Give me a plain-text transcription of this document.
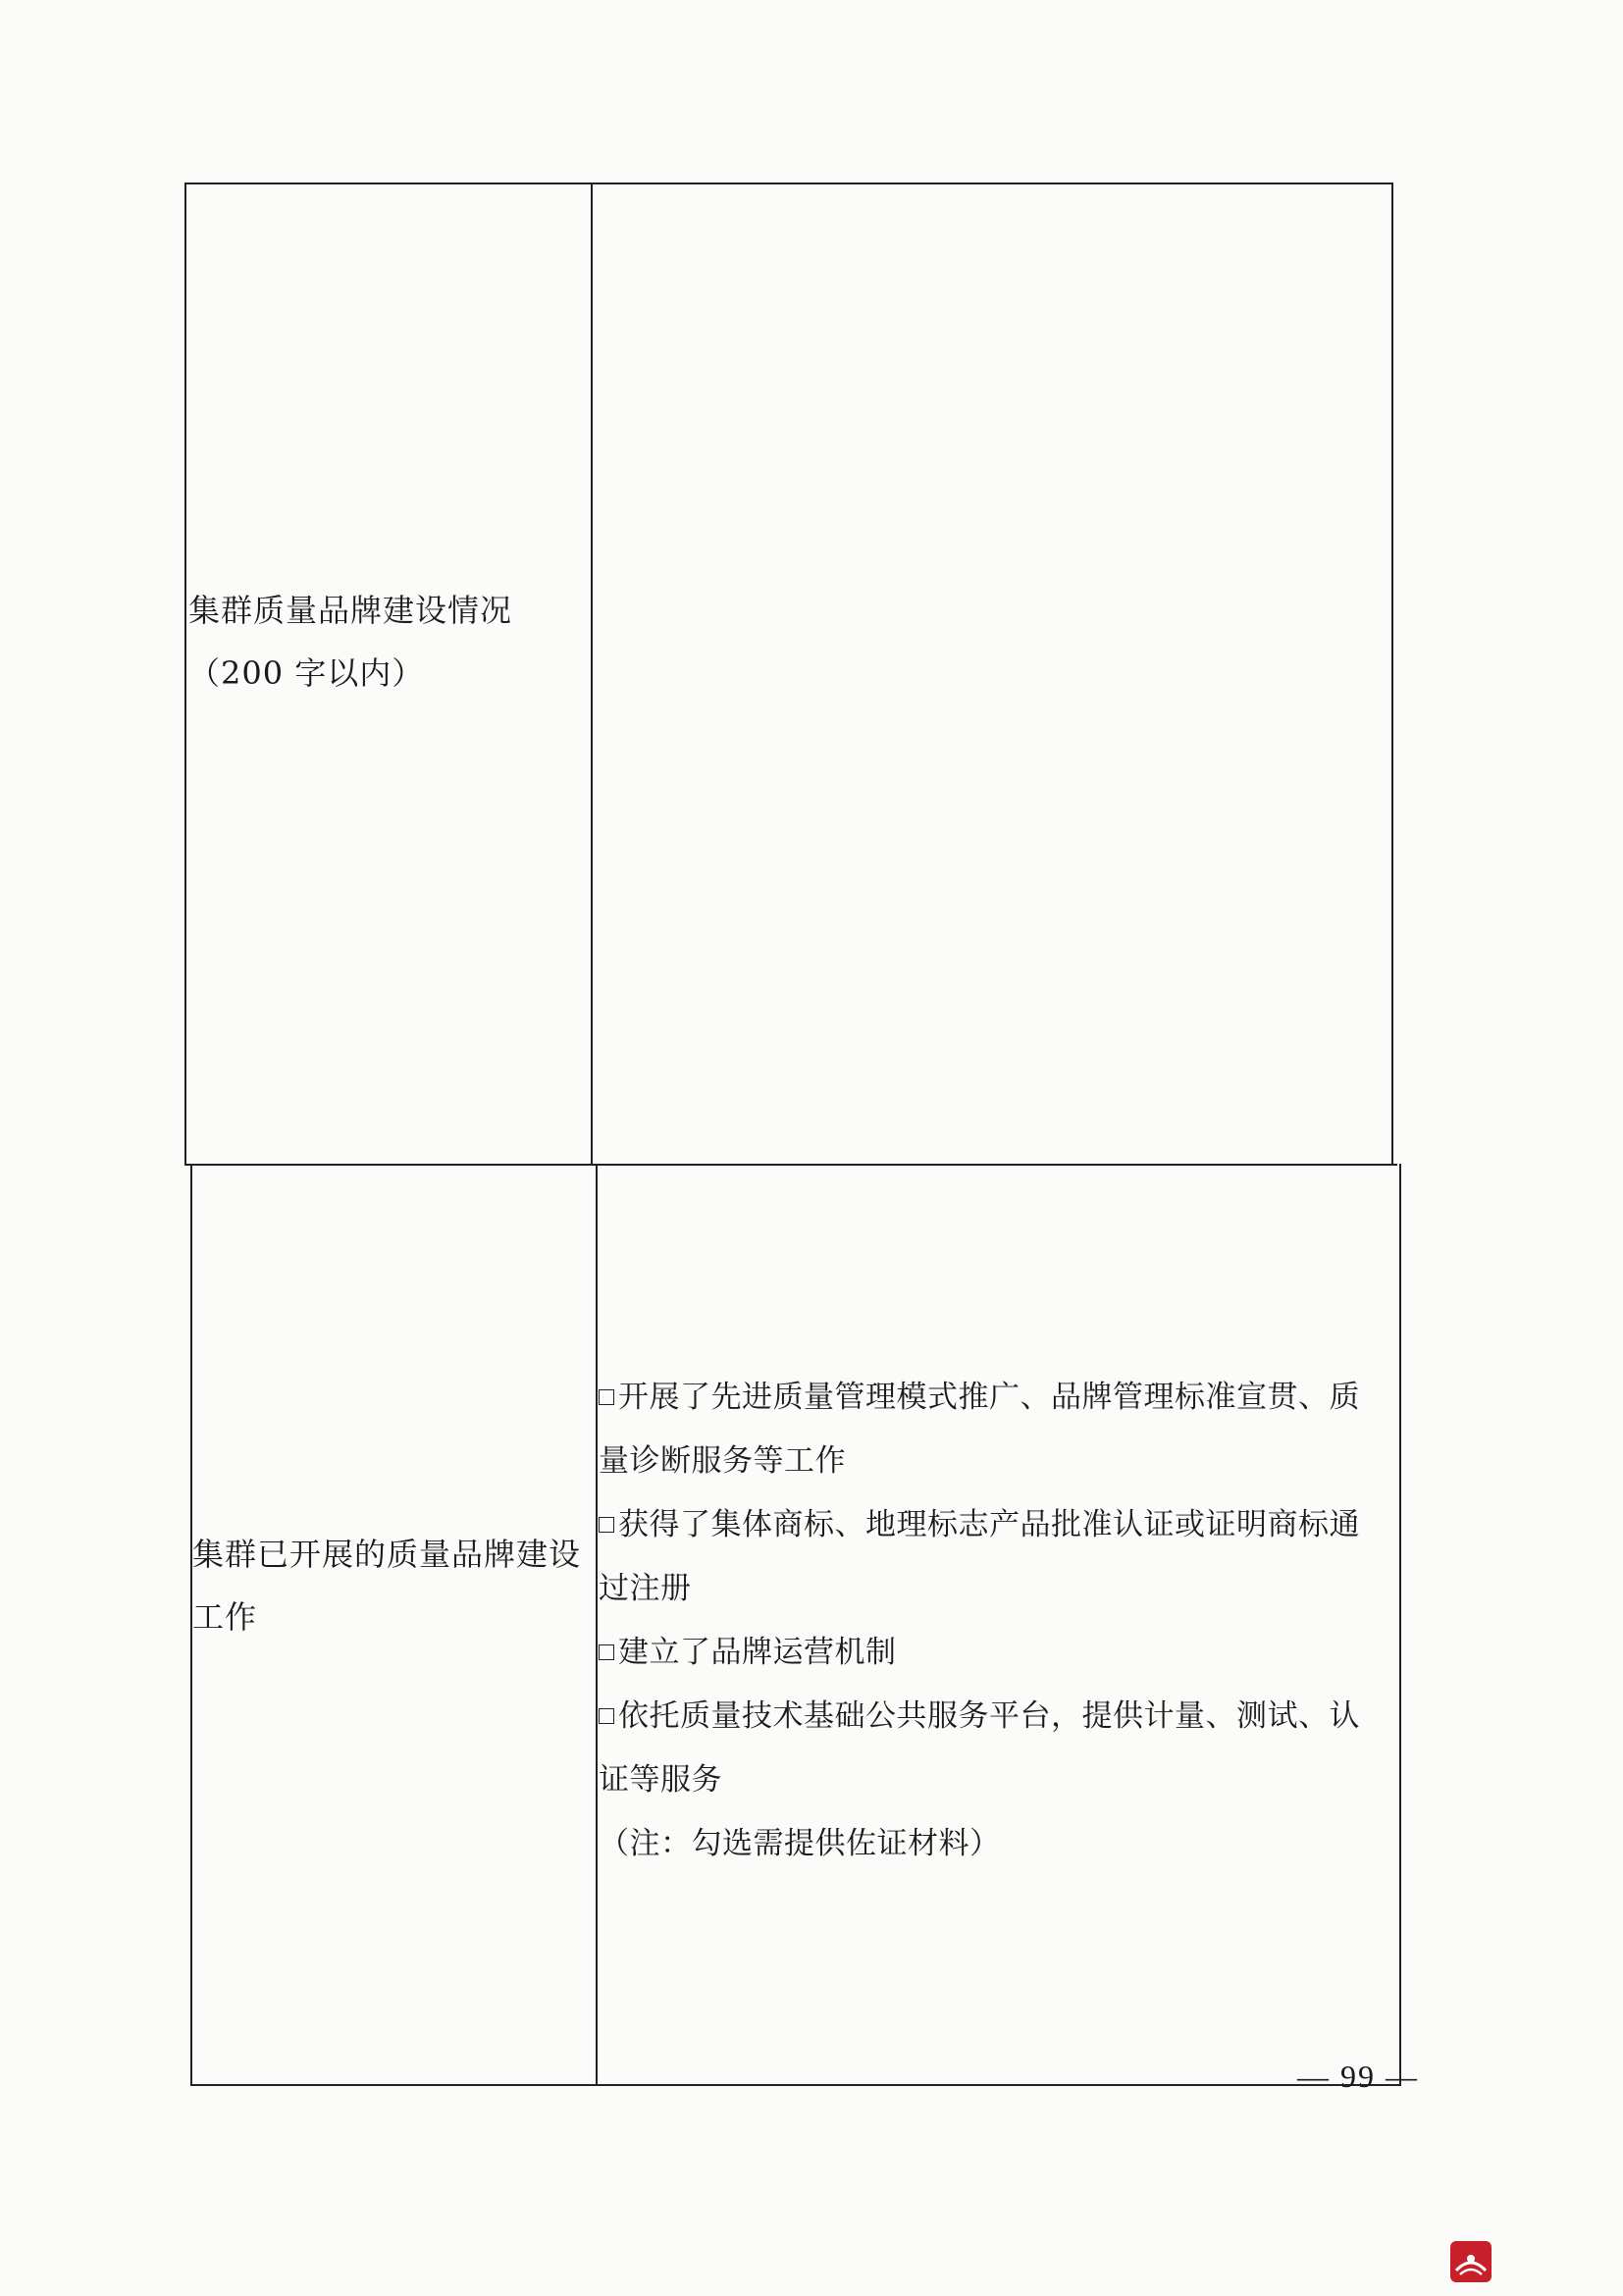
集群质量品牌建设情况
（200 字以内）
集群已开展的质量品牌建设
工作
开展了先进质量管理模式推广、品牌管理标准宣贯、质
量诊断服务等工作
获得了集体商标、地理标志产品批准认证或证明商标通
过注册
建立了品牌运营机制
依托质量技术基础公共服务平台，提供计量、测试、认
证等服务
（注：勾选需提供佐证材料）
— 99 —
